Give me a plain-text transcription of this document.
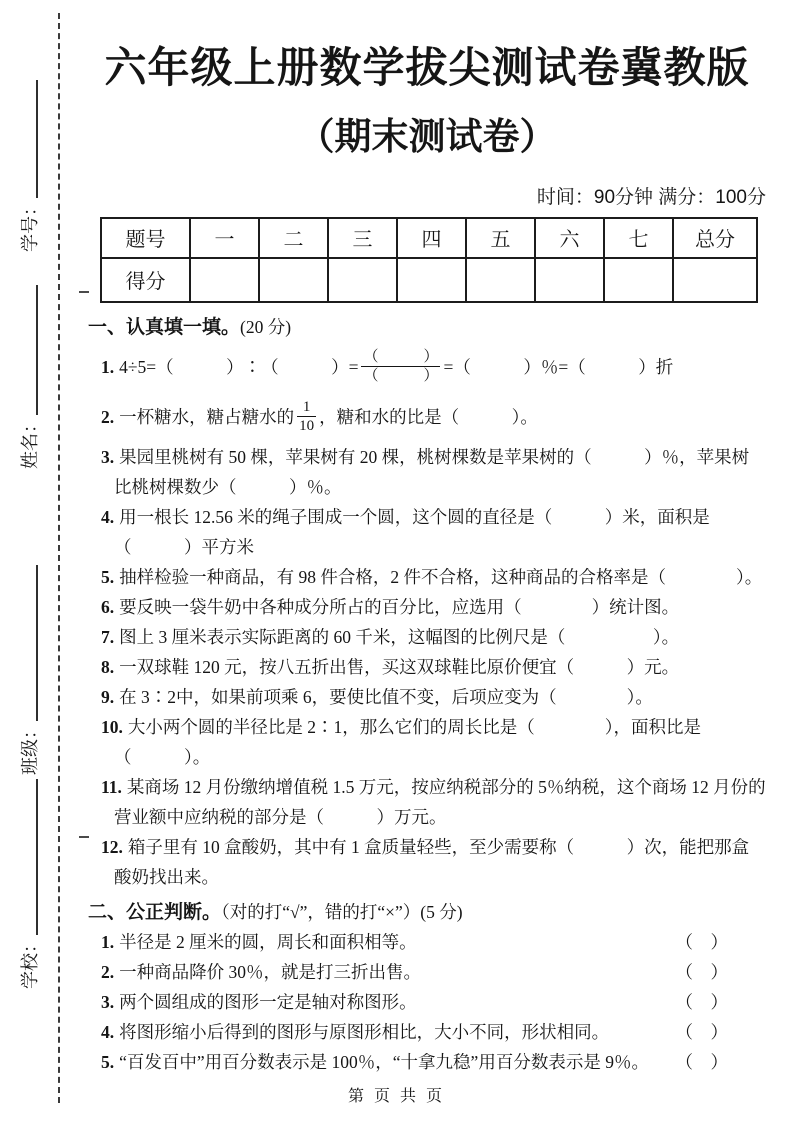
学号：
姓名：
班级：
学校：
六年级上册数学拔尖测试卷冀教版
（期末测试卷）
时间：90分钟 满分：100分
题号	一	二	三	四	五	六	七	总分
得分								
一、认真填一填。(20 分)
1. 4÷5=（　　　）∶（　　　）= $\frac{( )}{( )}$ =（　　　）％=（　　　）折
2. 一杯糖水，糖占糖水的 $\frac{1}{10}$ ，糖和水的比是（　　　）。
3. 果园里桃树有 50 棵，苹果树有 20 棵，桃树棵数是苹果树的（　　　）％，苹果树比桃树棵数少（　　　）％。
4. 用一根长 12.56 米的绳子围成一个圆，这个圆的直径是（　　　）米，面积是（　　　）平方米
5. 抽样检验一种商品，有 98 件合格，2 件不合格，这种商品的合格率是（　　　　）。
6. 要反映一袋牛奶中各种成分所占的百分比，应选用（　　　　）统计图。
7. 图上 3 厘米表示实际距离的 60 千米，这幅图的比例尺是（　　　　　）。
8. 一双球鞋 120 元，按八五折出售，买这双球鞋比原价便宜（　　　）元。
9. 在 3∶2中，如果前项乘 6，要使比值不变，后项应变为（　　　　）。
10. 大小两个圆的半径比是 2∶1，那么它们的周长比是（　　　　），面积比是（　　　）。
11. 某商场 12 月份缴纳增值税 1.5 万元，按应纳税部分的 5％纳税，这个商场 12 月份的营业额中应纳税的部分是（　　　）万元。
12. 箱子里有 10 盒酸奶，其中有 1 盒质量轻些，至少需要称（　　　）次，能把那盒酸奶找出来。
二、公正判断。（对的打“√”，错的打“×”）(5 分)
1. 半径是 2 厘米的圆，周长和面积相等。	（　）
2. 一种商品降价 30％，就是打三折出售。	（　）
3. 两个圆组成的图形一定是轴对称图形。	（　）
4. 将图形缩小后得到的图形与原图形相比，大小不同，形状相同。	（　）
5. “百发百中”用百分数表示是 100％，“十拿九稳”用百分数表示是 9％。	（　）
第 页 共 页
